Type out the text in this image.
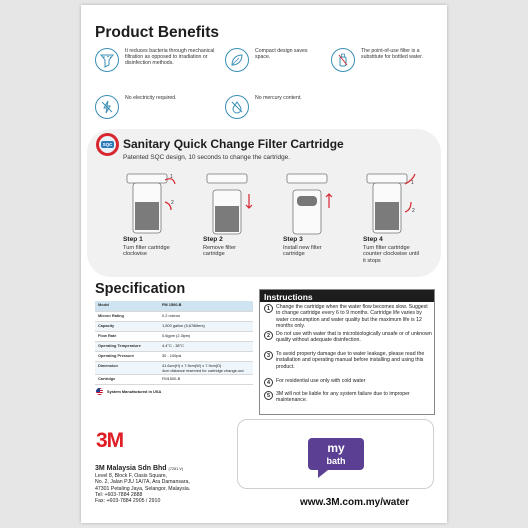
Product Benefits
It reduces bacteria through mechanical filtration as opposed to irradiation or disinfection methods.
Compact design saves space.
The point-of-use filter is a substitute for bottled water.
No electricity required.	No mercury content.
SQC Sanitary Quick Change Filter Cartridge
Patented SQC design, 10 seconds to change the cartridge.
1
2
Step 1
Turn filter cartridge clockwise
Step 2
Remove filter cartridge
Step 3
Install new filter cartridge
1
2
Step 4
Turn filter cartridge counter clockwise until it stops
Specification
Model	FM 1500-B
Micron Rating	0.2 micron
Capacity	1,500 gallon (5,678liters)
Flow Rate	0.6gpm (2.3lpm)
Operating Temperature	4.4°C - 38°C
Operating Pressure	30 - 100psi
Dimension	41.6cm(H) x 7.9cm(W) x 7.9cm(D)
4cm distance reserved for cartridge change-out
Cartridge	FM1500-B
System Manufactured in USA
Instructions
1	Change the cartridge when the water flow becomes slow. Suggest to change cartridge every 6 to 9 months. Cartridge life varies by water consumption and water quality but the maximum life is 12 months only.
2	Do not use with water that is microbiologically unsafe or of unknown quality without adequate disinfection.
3	To avoid property damage due to water leakage, please read the installation and operating manual before installing and using this product.
4	For residential use only with cold water
5	3M will not be liable for any system failure due to improper maintenance.
3M
3M Malaysia Sdn Bhd (7251 V)
Level 8, Block F, Oasis Square,
No. 2, Jalan PJU 1A/7A, Ara Damansara,
47301 Petaling Jaya, Selangor, Malaysia.
Tel: +603-7884 2888
Fax: +603-7884 2905 / 2910
my
bath
www.3M.com.my/water
